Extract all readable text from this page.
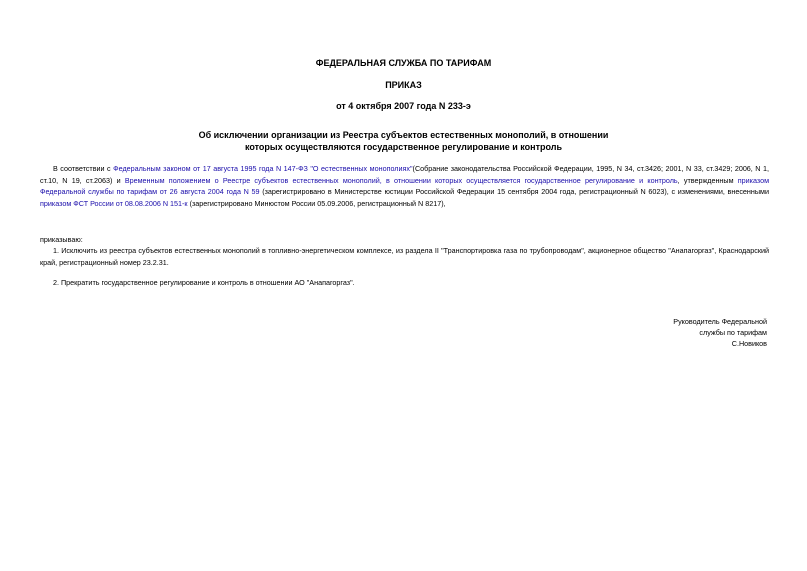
ФЕДЕРАЛЬНАЯ СЛУЖБА ПО ТАРИФАМ
ПРИКАЗ
от 4 октября 2007 года N 233-э
Об исключении организации из Реестра субъектов естественных монополий, в отношении
которых осуществляются государственное регулирование и контроль
В соответствии с Федеральным законом от 17 августа 1995 года N 147-ФЗ "О естественных монополиях"(Собрание законодательства Российской Федерации, 1995, N 34, ст.3426; 2001, N 33, ст.3429; 2006, N 1, ст.10, N 19, ст.2063) и Временным положением о Реестре субъектов естественных монополий, в отношении которых осуществляется государственное регулирование и контроль, утвержденным приказом Федеральной службы по тарифам от 26 августа 2004 года N 59 (зарегистрировано в Министерстве юстиции Российской Федерации 15 сентября 2004 года, регистрационный N 6023), с изменениями, внесенными приказом ФСТ России от 08.08.2006 N 151-к (зарегистрировано Минюстом России 05.09.2006, регистрационный N 8217),
приказываю:
1. Исключить из реестра субъектов естественных монополий в топливно-энергетическом комплексе, из раздела II "Транспортировка газа по трубопроводам", акционерное общество "Анапагоргаз", Краснодарский край, регистрационный номер 23.2.31.
2. Прекратить государственное регулирование и контроль в отношении АО "Анапагоргаз".
Руководитель Федеральной
службы по тарифам
С.Новиков
